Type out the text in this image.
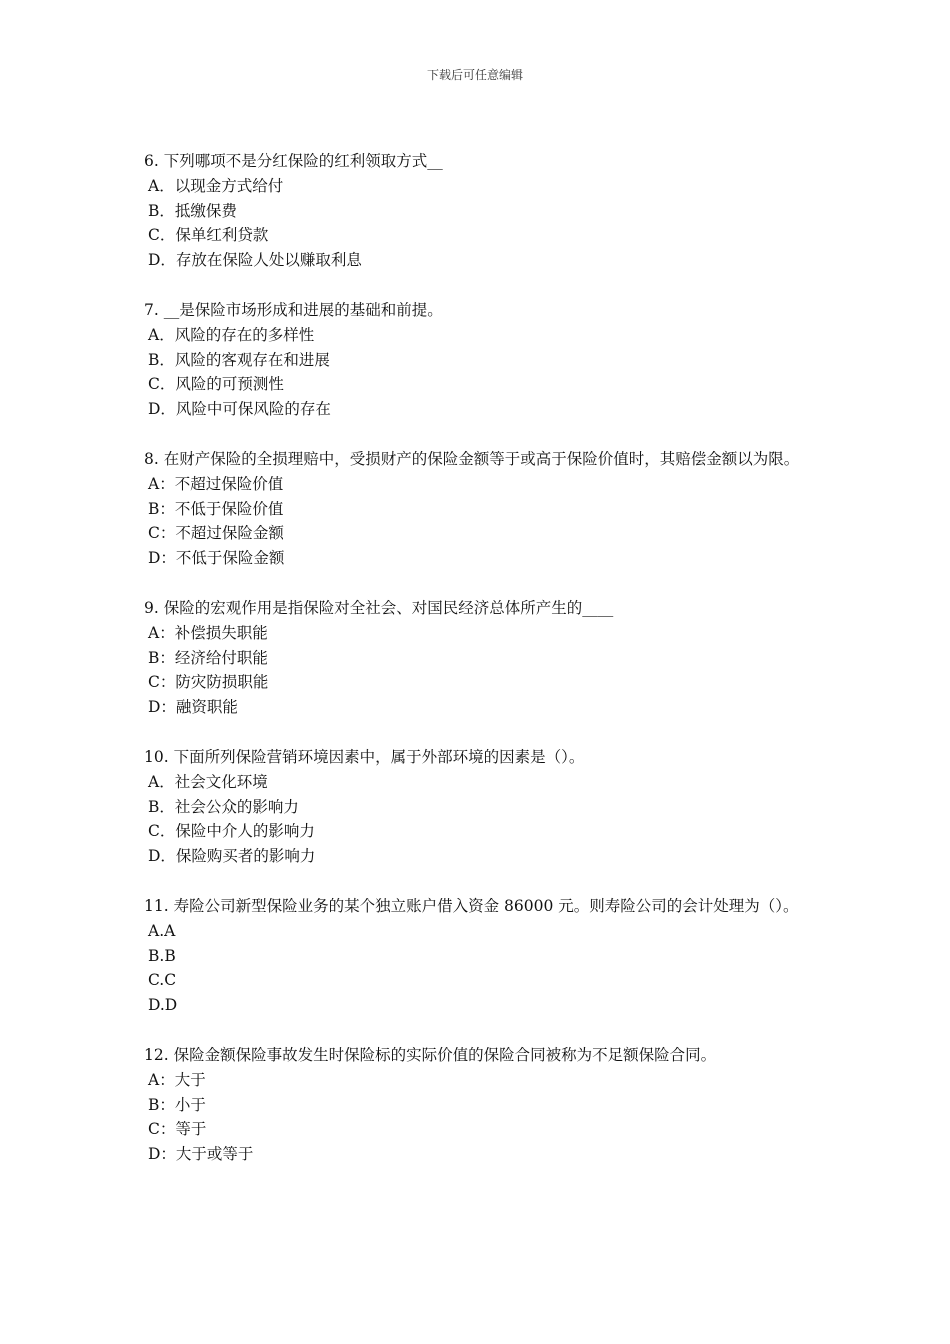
下载后可任意编辑

6. 下列哪项不是分红保险的红利领取方式__

A．以现金方式给付

B．抵缴保费

C．保单红利贷款

D．存放在保险人处以赚取利息

7. __是保险市场形成和进展的基础和前提。

A．风险的存在的多样性

B．风险的客观存在和进展

C．风险的可预测性

D．风险中可保风险的存在

8. 在财产保险的全损理赔中，受损财产的保险金额等于或高于保险价值时，其赔偿金额以为限。

A：不超过保险价值

B：不低于保险价值

C：不超过保险金额

D：不低于保险金额

9. 保险的宏观作用是指保险对全社会、对国民经济总体所产生的____

A：补偿损失职能

B：经济给付职能

C：防灾防损职能

D：融资职能

10. 下面所列保险营销环境因素中，属于外部环境的因素是（）。

A．社会文化环境

B．社会公众的影响力

C．保险中介人的影响力

D．保险购买者的影响力

11. 寿险公司新型保险业务的某个独立账户借入资金 86000 元。则寿险公司的会计处理为（）。

A.A

B.B

C.C

D.D

12. 保险金额保险事故发生时保险标的实际价值的保险合同被称为不足额保险合同。

A：大于

B：小于

C：等于

D：大于或等于
